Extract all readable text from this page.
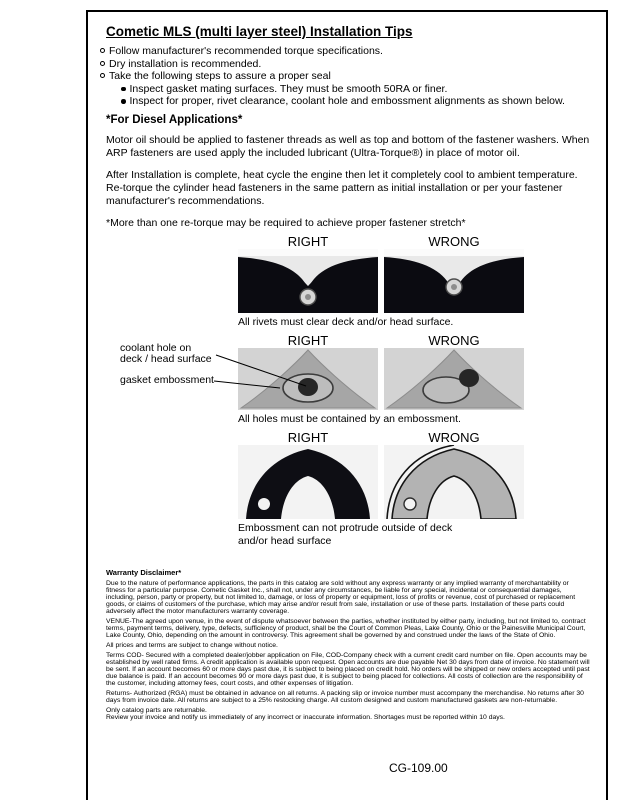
Cometic MLS (multi layer steel) Installation Tips
Follow manufacturer's recommended torque specifications.
Dry installation is recommended.
Take the following steps to assure a proper seal
Inspect gasket mating surfaces. They must be smooth 50RA or finer.
Inspect for proper, rivet clearance, coolant hole and embossment alignments as shown below.
*For Diesel Applications*

Motor oil should be applied to fastener threads as well as top and bottom of the fastener washers. When ARP fasteners are used apply the included lubricant (Ultra-Torque®) in place of motor oil.

After Installation is complete, heat cycle the engine then let it completely cool to ambient temperature. Re-torque the cylinder head fasteners in the same pattern as initial installation or per your fastener manufacturer's recommendations.

*More than one re-torque may be required to achieve proper fastener stretch*

RIGHT	WRONG
All rivets must clear deck and/or head surface.
coolant hole on
deck / head surface
gasket embossment
RIGHT	WRONG
All holes must be contained by an embossment.
RIGHT	WRONG
Embossment can not protrude outside of deck and/or head surface
Warranty Disclaimer*

Due to the nature of performance applications, the parts in this catalog are sold without any express warranty or any implied warranty of merchantability or fitness for a particular purpose. Cometic Gasket Inc., shall not, under any circumstances, be liable for any special, incidental or consequential damages, including, person, party or property, but not limited to, damage, or loss of property or equipment, loss of profits or revenue, cost of purchased or replacement goods, or claims of customers of the purchase, which may arise and/or result from sale, installation or use of these parts. Installation of these parts could adversely affect the motor manufacturers warranty coverage.

VENUE-The agreed upon venue, in the event of dispute whatsoever between the parties, whether instituted by either party, including, but not limited to, contract terms, payment terms, delivery, type, defects, sufficiency of product, shall be the Court of Common Pleas, Lake County, Ohio or the Painesville Municipal Court, Lake County, Ohio, depending on the amount in controversy. This agreement shall be governed by and construed under the laws of the State of Ohio.

All prices and terms are subject to change without notice.

Terms COD- Secured with a completed dealer/jobber application on File, COD-Company check with a current credit card number on file. Open accounts may be established by well rated firms. A credit application is available upon request. Open accounts are due payable Net 30 days from date of invoice. No statement will be sent. If an account becomes 60 or more days past due, it is subject to being placed on credit hold. No orders will be shipped or new orders accepted until past due balance is paid. If an account becomes 90 or more days past due, it is subject to being placed for collections. All costs of collection are the responsibility of the customer, including attorney fees, court costs, and other expenses of litigation.

Returns- Authorized (RGA) must be obtained in advance on all returns. A packing slip or invoice number must accompany the merchandise. No returns after 30 days from invoice date. All returns are subject to a 25% restocking charge. All custom designed and custom manufactured gaskets are non-returnable.

Only catalog parts are returnable.

Review your invoice and notify us immediately of any incorrect or inaccurate information. Shortages must be reported within 10 days.

CG-109.00
